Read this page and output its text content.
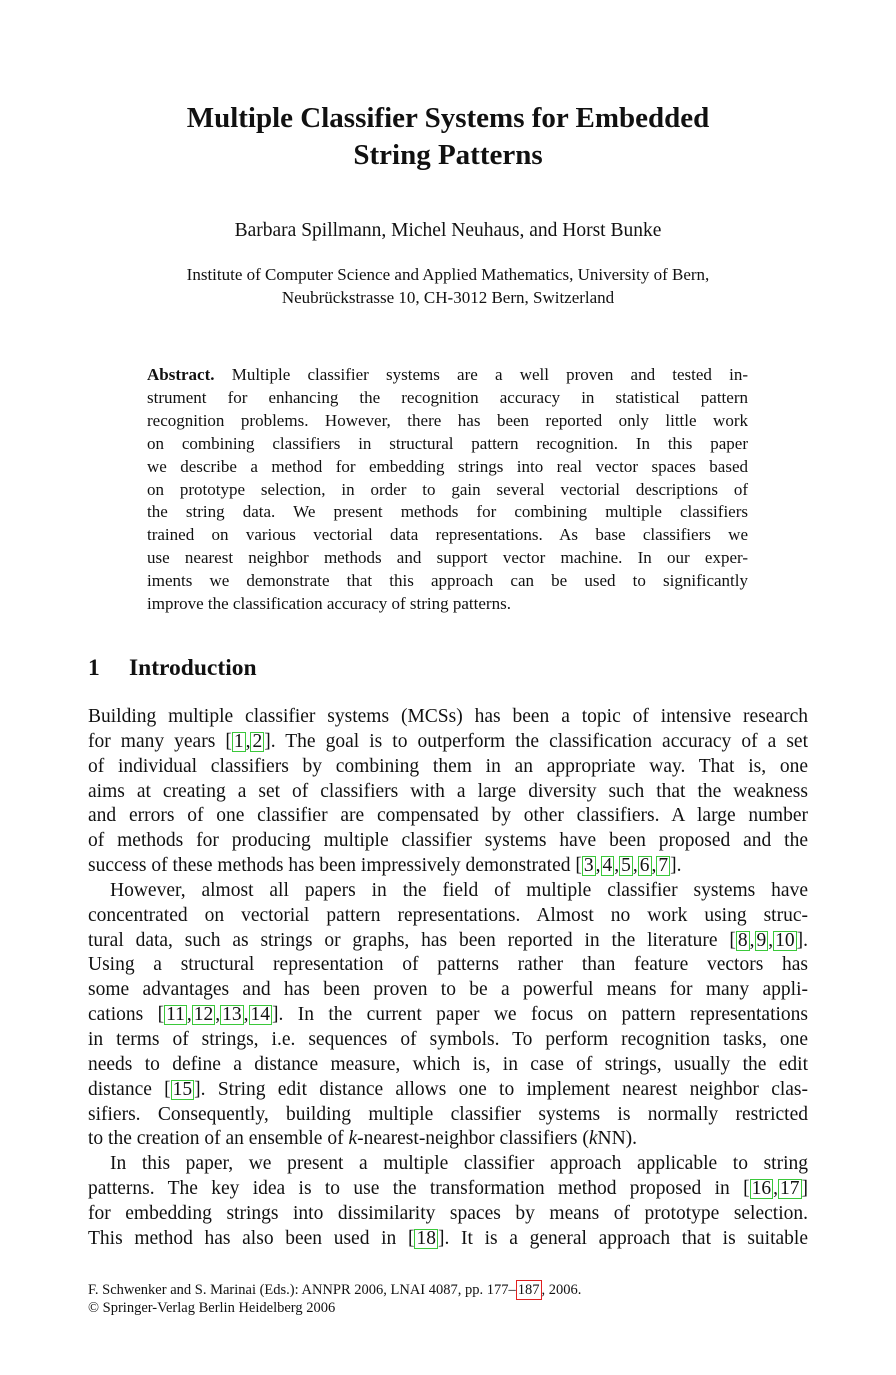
Multiple Classifier Systems for Embedded
String Patterns
Barbara Spillmann, Michel Neuhaus, and Horst Bunke
Institute of Computer Science and Applied Mathematics, University of Bern,
Neubrückstrasse 10, CH-3012 Bern, Switzerland
Abstract. Multiple classifier systems are a well proven and tested in-
strument for enhancing the recognition accuracy in statistical pattern
recognition problems. However, there has been reported only little work
on combining classifiers in structural pattern recognition. In this paper
we describe a method for embedding strings into real vector spaces based
on prototype selection, in order to gain several vectorial descriptions of
the string data. We present methods for combining multiple classifiers
trained on various vectorial data representations. As base classifiers we
use nearest neighbor methods and support vector machine. In our exper-
iments we demonstrate that this approach can be used to significantly
improve the classification accuracy of string patterns.
1 Introduction
Building multiple classifier systems (MCSs) has been a topic of intensive research
for many years [ 1 , 2 ]. The goal is to outperform the classification accuracy of a set
of individual classifiers by combining them in an appropriate way. That is, one
aims at creating a set of classifiers with a large diversity such that the weakness
and errors of one classifier are compensated by other classifiers. A large number
of methods for producing multiple classifier systems have been proposed and the
success of these methods has been impressively demonstrated [ 3 , 4 , 5 , 6 , 7 ].
However, almost all papers in the field of multiple classifier systems have
concentrated on vectorial pattern representations. Almost no work using struc-
tural data, such as strings or graphs, has been reported in the literature [ 8 , 9 , 10 ].
Using a structural representation of patterns rather than feature vectors has
some advantages and has been proven to be a powerful means for many appli-
cations [ 11 , 12 , 13 , 14 ]. In the current paper we focus on pattern representations
in terms of strings, i.e. sequences of symbols. To perform recognition tasks, one
needs to define a distance measure, which is, in case of strings, usually the edit
distance [ 15 ]. String edit distance allows one to implement nearest neighbor clas-
sifiers. Consequently, building multiple classifier systems is normally restricted
to the creation of an ensemble of k-nearest-neighbor classifiers (kNN).
In this paper, we present a multiple classifier approach applicable to string
patterns. The key idea is to use the transformation method proposed in [ 16 , 17 ]
for embedding strings into dissimilarity spaces by means of prototype selection.
This method has also been used in [ 18 ]. It is a general approach that is suitable
F. Schwenker and S. Marinai (Eds.): ANNPR 2006, LNAI 4087, pp. 177– 187 , 2006.
© Springer-Verlag Berlin Heidelberg 2006
